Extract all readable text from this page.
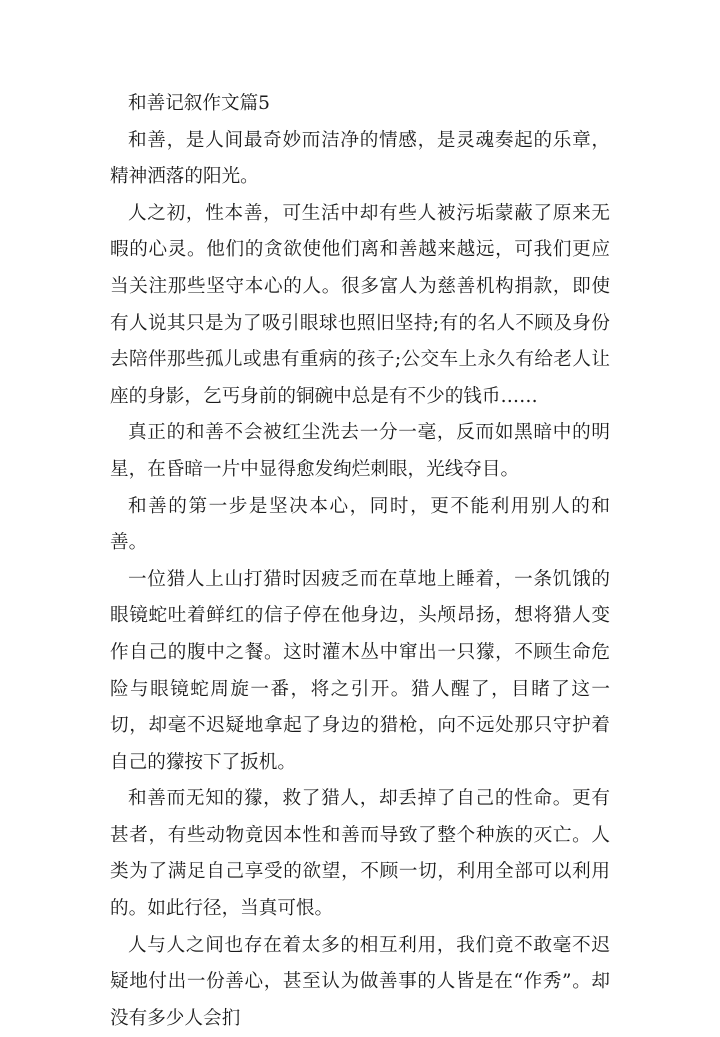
和善记叙作文篇5

和善，是人间最奇妙而洁净的情感，是灵魂奏起的乐章，精神洒落的阳光。

人之初，性本善，可生活中却有些人被污垢蒙蔽了原来无暇的心灵。他们的贪欲使他们离和善越来越远，可我们更应当关注那些坚守本心的人。很多富人为慈善机构捐款，即使有人说其只是为了吸引眼球也照旧坚持;有的名人不顾及身份去陪伴那些孤儿或患有重病的孩子;公交车上永久有给老人让座的身影，乞丐身前的铜碗中总是有不少的钱币……

真正的和善不会被红尘洗去一分一毫，反而如黑暗中的明星，在昏暗一片中显得愈发绚烂刺眼，光线夺目。

和善的第一步是坚决本心，同时，更不能利用别人的和善。

一位猎人上山打猎时因疲乏而在草地上睡着，一条饥饿的眼镜蛇吐着鲜红的信子停在他身边，头颅昂扬，想将猎人变作自己的腹中之餐。这时灌木丛中窜出一只獴，不顾生命危险与眼镜蛇周旋一番，将之引开。猎人醒了，目睹了这一切，却毫不迟疑地拿起了身边的猎枪，向不远处那只守护着自己的獴按下了扳机。

和善而无知的獴，救了猎人，却丢掉了自己的性命。更有甚者，有些动物竟因本性和善而导致了整个种族的灭亡。人类为了满足自己享受的欲望，不顾一切，利用全部可以利用的。如此行径，当真可恨。

人与人之间也存在着太多的相互利用，我们竟不敢毫不迟疑地付出一份善心，甚至认为做善事的人皆是在“作秀”。却没有多少人会扪
